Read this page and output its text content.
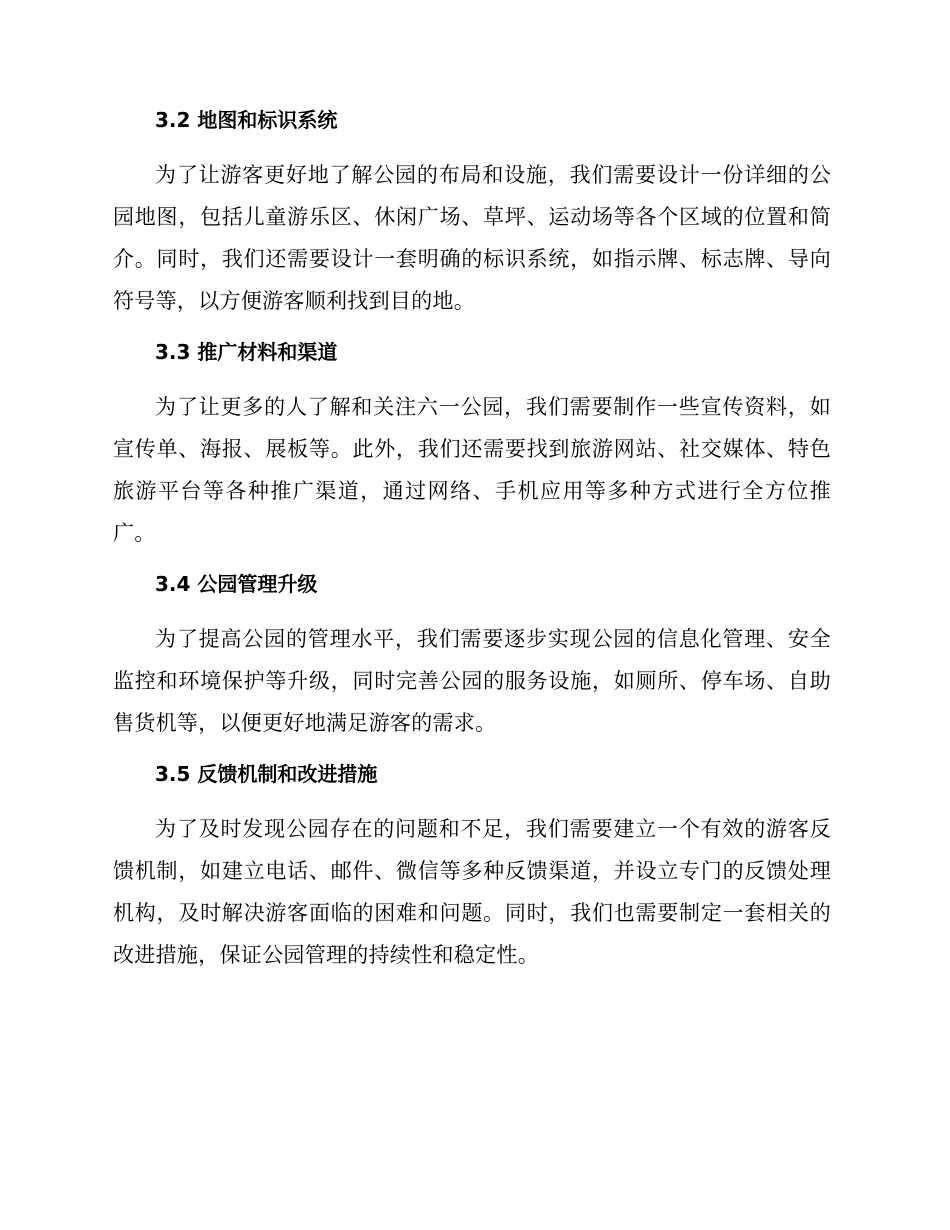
3.2 地图和标识系统

为了让游客更好地了解公园的布局和设施，我们需要设计一份详细的公园地图，包括儿童游乐区、休闲广场、草坪、运动场等各个区域的位置和简介。同时，我们还需要设计一套明确的标识系统，如指示牌、标志牌、导向符号等，以方便游客顺利找到目的地。

3.3 推广材料和渠道

为了让更多的人了解和关注六一公园，我们需要制作一些宣传资料，如宣传单、海报、展板等。此外，我们还需要找到旅游网站、社交媒体、特色旅游平台等各种推广渠道，通过网络、手机应用等多种方式进行全方位推广。

3.4 公园管理升级

为了提高公园的管理水平，我们需要逐步实现公园的信息化管理、安全监控和环境保护等升级，同时完善公园的服务设施，如厕所、停车场、自助售货机等，以便更好地满足游客的需求。

3.5 反馈机制和改进措施

为了及时发现公园存在的问题和不足，我们需要建立一个有效的游客反馈机制，如建立电话、邮件、微信等多种反馈渠道，并设立专门的反馈处理机构，及时解决游客面临的困难和问题。同时，我们也需要制定一套相关的改进措施，保证公园管理的持续性和稳定性。
